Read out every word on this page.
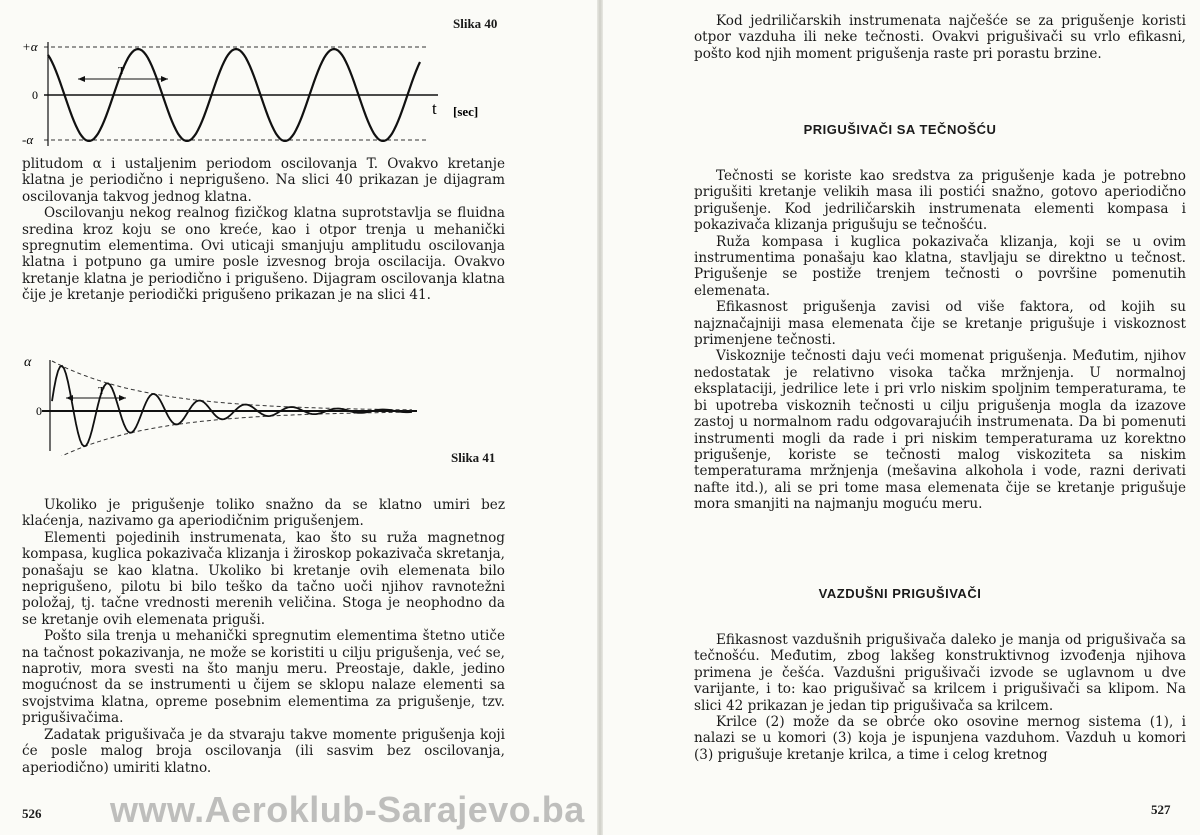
Slika 40
+α
0
-α
T
t [sec]

plitudom α i ustaljenim periodom oscilovanja T. Ovakvo kretanje klatna je periodično i neprigušeno. Na slici 40 prikazan je dijagram oscilovanja takvog jednog klatna.

Oscilovanju nekog realnog fizičkog klatna suprotstavlja se fluidna sredina kroz koju se ono kreće, kao i otpor trenja u mehanički spregnutim elementima. Ovi uticaji smanjuju amplitudu oscilovanja klatna i potpuno ga umire posle izvesnog broja oscilacija. Ovakvo kretanje klatna je periodično i prigušeno. Dijagram oscilovanja klatna čije je kretanje periodički prigušeno prikazan je na slici 41.

α
0
T
Slika 41

Ukoliko je prigušenje toliko snažno da se klatno umiri bez klaćenja, nazivamo ga aperiodičnim prigušenjem.

Elementi pojedinih instrumenata, kao što su ruža magnetnog kompasa, kuglica pokazivača klizanja i žiroskop pokazivača skretanja, ponašaju se kao klatna. Ukoliko bi kretanje ovih elemenata bilo neprigušeno, pilotu bi bilo teško da tačno uoči njihov ravnotežni položaj, tj. tačne vrednosti merenih veličina. Stoga je neophodno da se kretanje ovih elemenata priguši.

Pošto sila trenja u mehanički spregnutim elementima štetno utiče na tačnost pokazivanja, ne može se koristiti u cilju prigušenja, već se, naprotiv, mora svesti na što manju meru. Preostaje, dakle, jedino mogućnost da se instrumenti u čijem se sklopu nalaze elementi sa svojstvima klatna, opreme posebnim elementima za prigušenje, tzv. prigušivačima.

Zadatak prigušivača je da stvaraju takve momente prigušenja koji će posle malog broja oscilovanja (ili sasvim bez oscilovanja, aperiodično) umiriti klatno.

526
Kod jedriličarskih instrumenata najčešće se za prigušenje koristi otpor vazduha ili neke tečnosti. Ovakvi prigušivači su vrlo efikasni, pošto kod njih moment prigušenja raste pri porastu brzine.
PRIGUŠIVAČI SA TEČNOŠĆU

Tečnosti se koriste kao sredstva za prigušenje kada je potrebno prigušiti kretanje velikih masa ili postići snažno, gotovo aperiodično prigušenje. Kod jedriličarskih instrumenata elementi kompasa i pokazivača klizanja prigušuju se tečnošću.

Ruža kompasa i kuglica pokazivača klizanja, koji se u ovim instrumentima ponašaju kao klatna, stavljaju se direktno u tečnost. Prigušenje se postiže trenjem tečnosti o površine pomenutih elemenata.

Efikasnost prigušenja zavisi od više faktora, od kojih su najznačajniji masa elemenata čije se kretanje prigušuje i viskoznost primenjene tečnosti.

Viskoznije tečnosti daju veći momenat prigušenja. Međutim, njihov nedostatak je relativno visoka tačka mržnjenja. U normalnoj eksplataciji, jedrilice lete i pri vrlo niskim spoljnim temperaturama, te bi upotreba viskoznih tečnosti u cilju prigušenja mogla da izazove zastoj u normalnom radu odgovarajućih instrumenata. Da bi pomenuti instrumenti mogli da rade i pri niskim temperaturama uz korektno prigušenje, koriste se tečnosti malog viskoziteta sa niskim temperaturama mržnjenja (mešavina alkohola i vode, razni derivati nafte itd.), ali se pri tome masa elemenata čije se kretanje prigušuje mora smanjiti na najmanju moguću meru.

VAZDUŠNI PRIGUŠIVAČI

Efikasnost vazdušnih prigušivača daleko je manja od prigušivača sa tečnošću. Međutim, zbog lakšeg konstruktivnog izvođenja njihova primena je češća. Vazdušni prigušivači izvode se uglavnom u dve varijante, i to: kao prigušivač sa krilcem i prigušivači sa klipom. Na slici 42 prikazan je jedan tip prigušivača sa krilcem.

Krilce (2) može da se obrće oko osovine mernog sistema (1), i nalazi se u komori (3) koja je ispunjena vazduhom. Vazduh u komori (3) prigušuje kretanje krilca, a time i celog kretnog

527
www.Aeroklub-Sarajevo.ba
